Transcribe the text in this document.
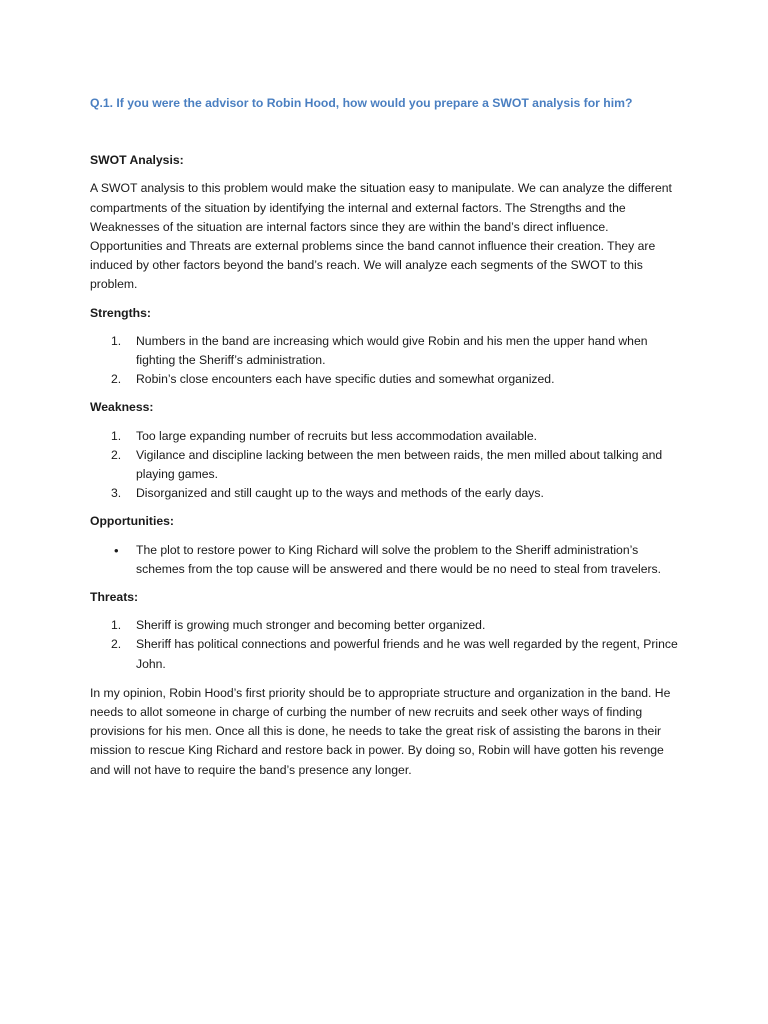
Q.1. If you were the advisor to Robin Hood, how would you prepare a SWOT analysis for him?

SWOT Analysis:

A SWOT analysis to this problem would make the situation easy to manipulate. We can analyze the different compartments of the situation by identifying the internal and external factors. The Strengths and the Weaknesses of the situation are internal factors since they are within the band’s direct influence. Opportunities and Threats are external problems since the band cannot influence their creation. They are induced by other factors beyond the band’s reach. We will analyze each segments of the SWOT to this problem.

Strengths:

1.	Numbers in the band are increasing which would give Robin and his men the upper hand when fighting the Sheriff’s administration.
2.	Robin’s close encounters each have specific duties and somewhat organized.

Weakness:

1.	Too large expanding number of recruits but less accommodation available.
2.	Vigilance and discipline lacking between the men between raids, the men milled about talking and playing games.
3.	Disorganized and still caught up to the ways and methods of the early days.

Opportunities:

•	The plot to restore power to King Richard will solve the problem to the Sheriff administration’s schemes from the top cause will be answered and there would be no need to steal from travelers.

Threats:

1.	Sheriff is growing much stronger and becoming better organized.
2.	Sheriff has political connections and powerful friends and he was well regarded by the regent, Prince John.

In my opinion, Robin Hood’s first priority should be to appropriate structure and organization in the band. He needs to allot someone in charge of curbing the number of new recruits and seek other ways of finding provisions for his men. Once all this is done, he needs to take the great risk of assisting the barons in their mission to rescue King Richard and restore back in power. By doing so, Robin will have gotten his revenge and will not have to require the band’s presence any longer.
